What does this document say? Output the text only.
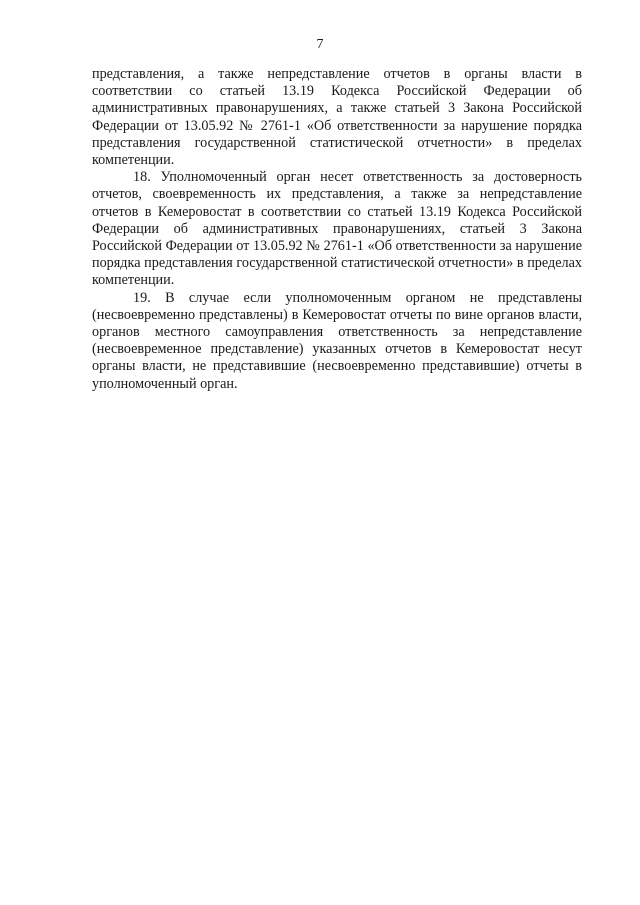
7

представления, а также непредставление отчетов в органы власти в соответствии со статьей 13.19 Кодекса Российской Федерации об административных правонарушениях, а также статьей 3 Закона Российской Федерации от 13.05.92 № 2761-1 «Об ответственности за нарушение порядка представления государственной статистической отчетности» в пределах компетенции.

18. Уполномоченный орган несет ответственность за достоверность отчетов, своевременность их представления, а также за непредставление отчетов в Кемеровостат в соответствии со статьей 13.19 Кодекса Российской Федерации об административных правонарушениях, статьей 3 Закона Российской Федерации от 13.05.92 № 2761-1 «Об ответственности за нарушение порядка представления государственной статистической отчетности» в пределах компетенции.

19. В случае если уполномоченным органом не представлены (несвоевременно представлены) в Кемеровостат отчеты по вине органов власти, органов местного самоуправления ответственность за непредставление (несвоевременное представление) указанных отчетов в Кемеровостат несут органы власти, не представившие (несвоевременно представившие) отчеты в уполномоченный орган.
